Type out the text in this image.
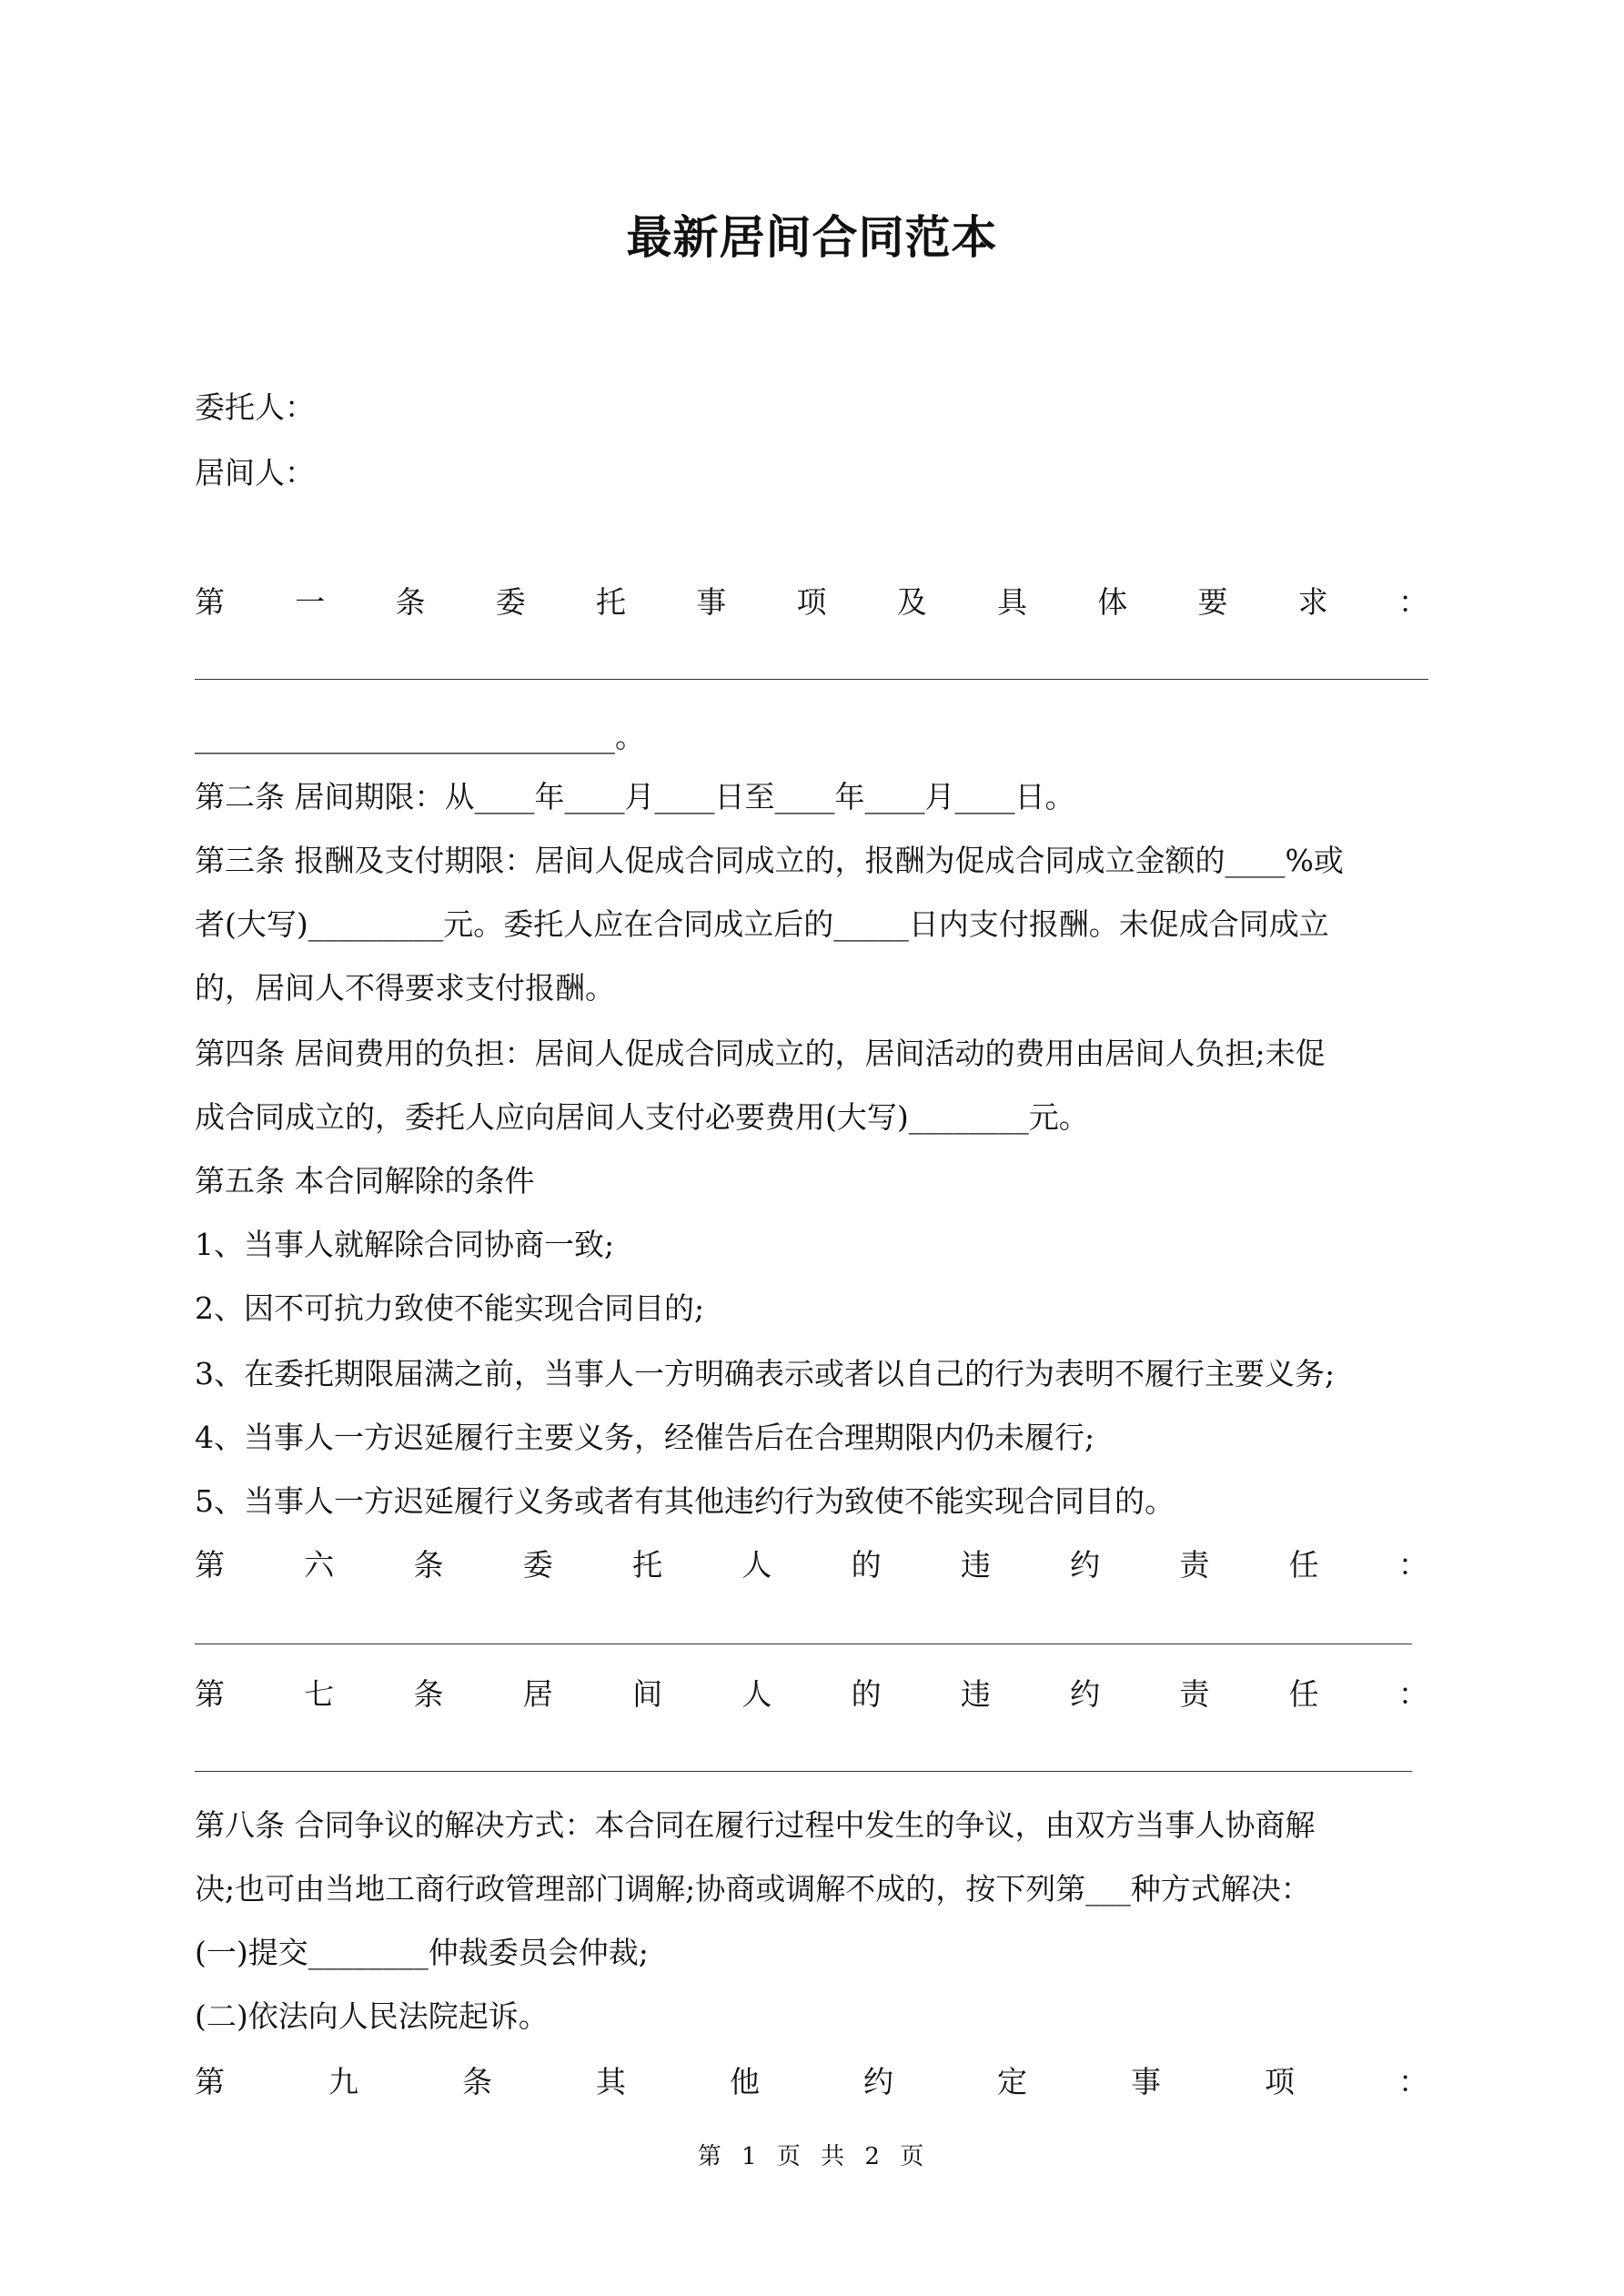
最新居间合同范本

委托人：

居间人：

第 一 条 委 托 事 项 及 具 体 要 求 ：

____________________________。

第二条 居间期限：从____年____月____日至____年____月____日。

第三条 报酬及支付期限：居间人促成合同成立的，报酬为促成合同成立金额的____%或

者(大写)_________元。委托人应在合同成立后的_____日内支付报酬。未促成合同成立

的，居间人不得要求支付报酬。

第四条 居间费用的负担：居间人促成合同成立的，居间活动的费用由居间人负担;未促

成合同成立的，委托人应向居间人支付必要费用(大写)________元。

第五条 本合同解除的条件

1、当事人就解除合同协商一致;

2、因不可抗力致使不能实现合同目的;

3、在委托期限届满之前，当事人一方明确表示或者以自己的行为表明不履行主要义务;

4、当事人一方迟延履行主要义务，经催告后在合理期限内仍未履行;

5、当事人一方迟延履行义务或者有其他违约行为致使不能实现合同目的。

第	六	条	委	托	人	的	违	约	责	任	：
第	七	条	居	间	人	的	违	约	责	任	：

第八条 合同争议的解决方式：本合同在履行过程中发生的争议，由双方当事人协商解

决;也可由当地工商行政管理部门调解;协商或调解不成的，按下列第___种方式解决：

(一)提交________仲裁委员会仲裁;

(二)依法向人民法院起诉。

第	九	条	其	他	约	定	事	项	：
第 1 页 共 2 页
